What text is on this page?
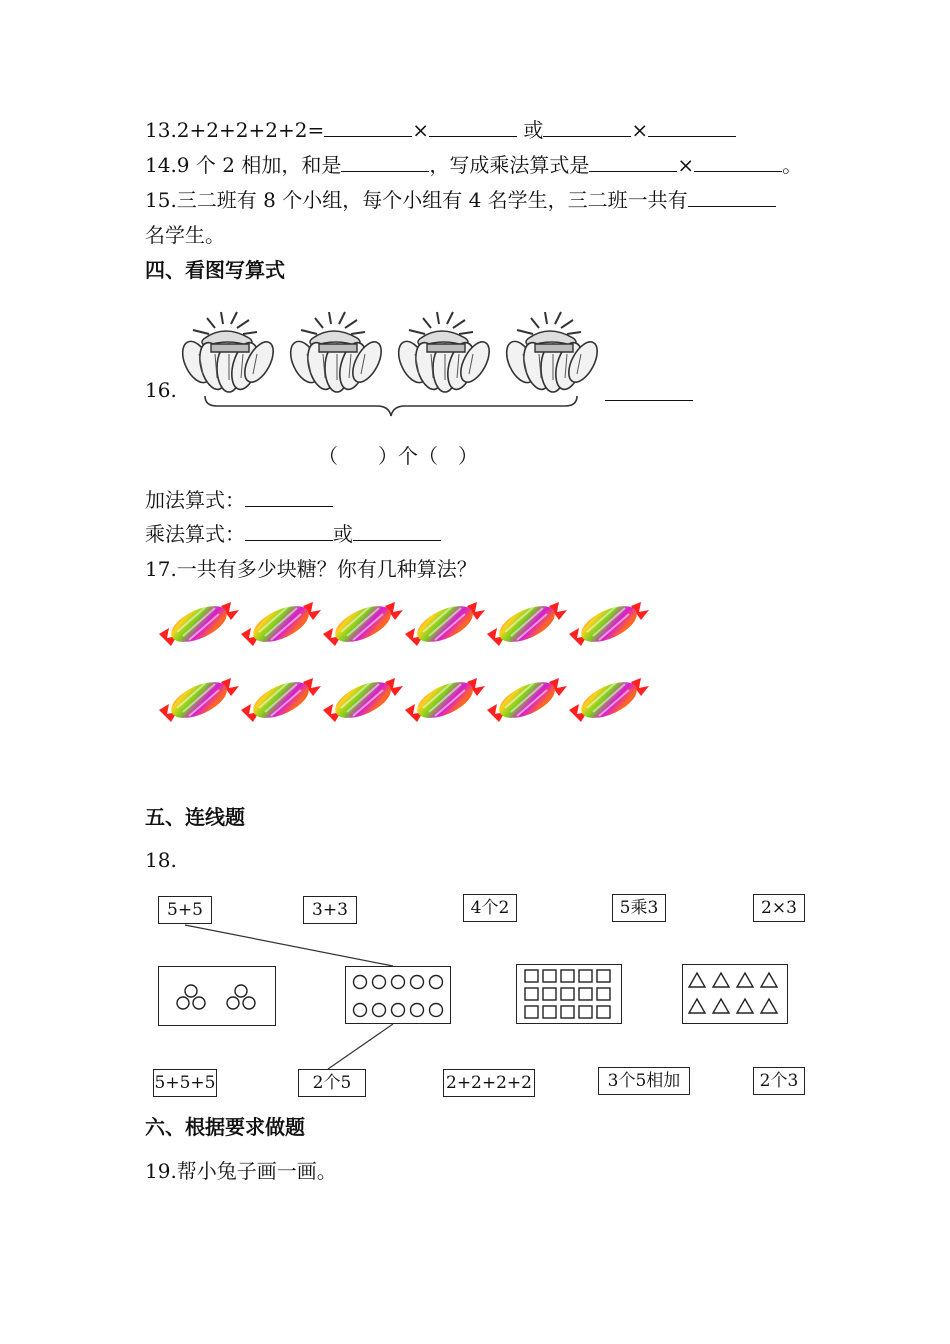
13.2+2+2+2+2=	×	或	×
14.9 个 2 相加，和是	，写成乘法算式是	×	。
15.三二班有 8 个小组，每个小组有 4 名学生，三二班一共有
名学生。
四、看图写算式
16.
（　　）个（　）
加法算式：
乘法算式：	或
17.一共有多少块糖？你有几种算法？
五、连线题
18.
5+5	3+3	4个2	5乘3	2×3
5+5+5	2个5	2+2+2+2	3个5相加	2个3
六、根据要求做题
19.帮小兔子画一画。
